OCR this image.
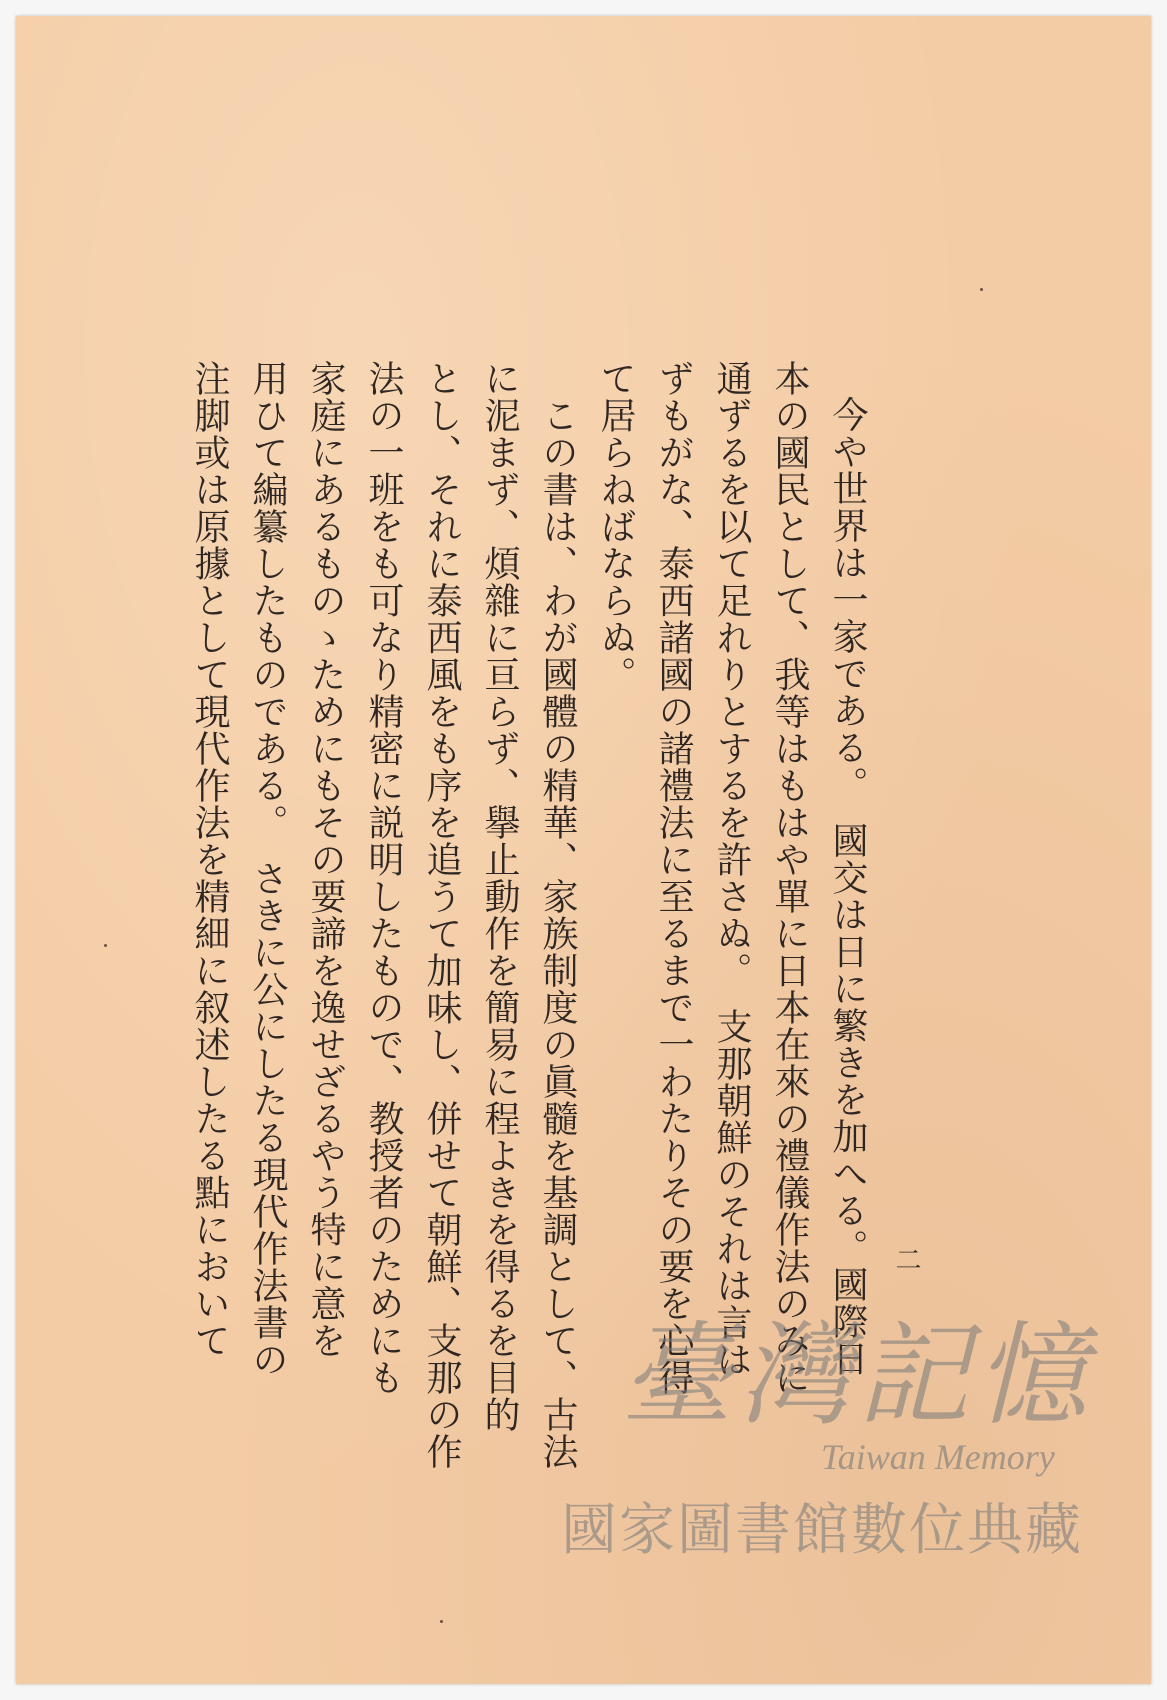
二
今や世界は一家である。　國交は日に繁きを加へる。國際日
本の國民として、我等はもはや單に日本在來の禮儀作法のみに
通ずるを以て足れりとするを許さぬ。　支那朝鮮のそれは言は
ずもがな、泰西諸國の諸禮法に至るまで一わたりその要を心得
て居らねばならぬ。
　この書は、わが國體の精華、家族制度の眞髓を基調として、古法
に泥まず、煩雜に亘らず、擧止動作を簡易に程よきを得るを目的
とし、それに泰西風をも序を追うて加味し、併せて朝鮮、支那の作
法の一班をも可なり精密に説明したもので、教授者のためにも
家庭にあるものゝためにもその要諦を逸せざるやう特に意を
用ひて編纂したものである。　さきに公にしたる現代作法書の
注脚或は原據として現代作法を精細に叙述したる點において
臺灣記憶
Taiwan Memory
國家圖書館數位典藏
